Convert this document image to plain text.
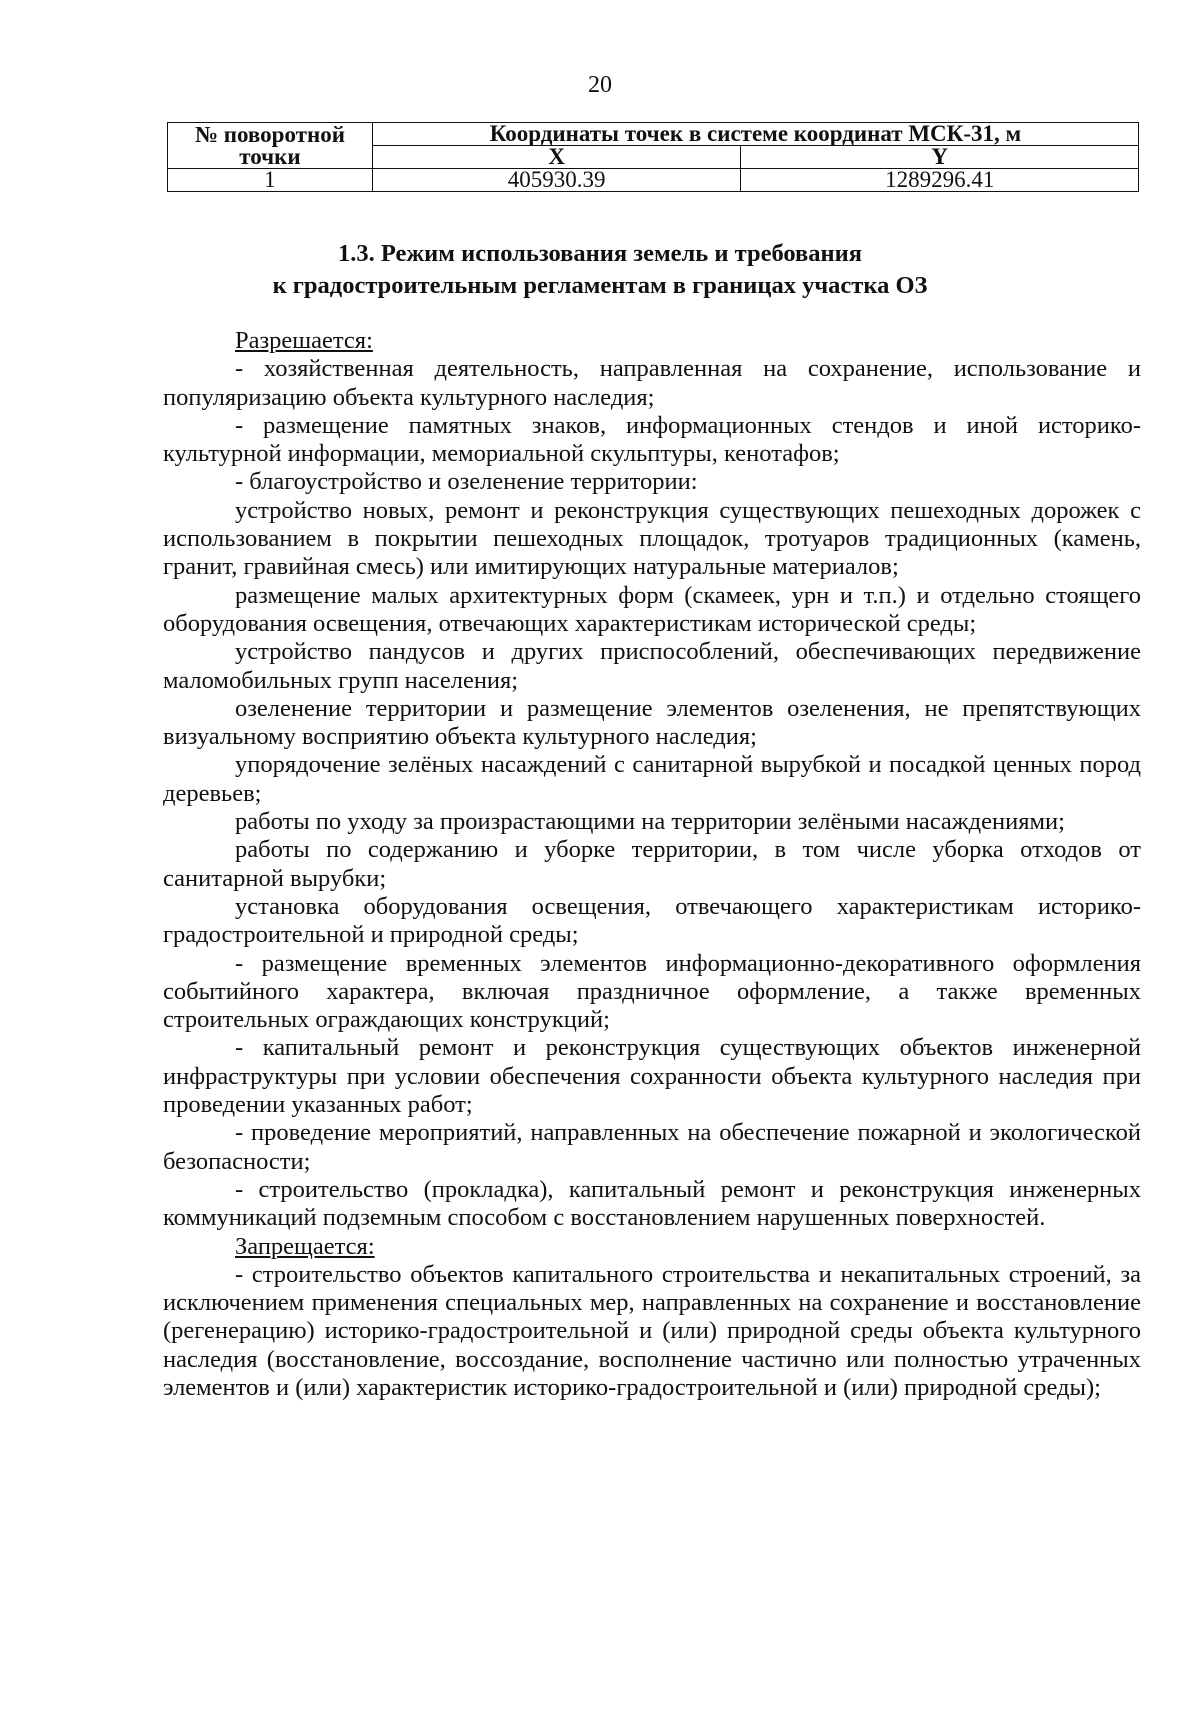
20
№ поворотной точки	Координаты точек в системе координат МСК-31, м	
	X	Y
1	405930.39	1289296.41
1.3. Режим использования земель и требования
к градостроительным регламентам в границах участка ОЗ

Разрешается:

- хозяйственная деятельность, направленная на сохранение, использование и популяризацию объекта культурного наследия;

- размещение памятных знаков, информационных стендов и иной историко-культурной информации, мемориальной скульптуры, кенотафов;

- благоустройство и озеленение территории:

устройство новых, ремонт и реконструкция существующих пешеходных дорожек с использованием в покрытии пешеходных площадок, тротуаров традиционных (камень, гранит, гравийная смесь) или имитирующих натуральные материалов;

размещение малых архитектурных форм (скамеек, урн и т.п.) и отдельно стоящего оборудования освещения, отвечающих характеристикам исторической среды;

устройство пандусов и других приспособлений, обеспечивающих передвижение маломобильных групп населения;

озеленение территории и размещение элементов озеленения, не препятствующих визуальному восприятию объекта культурного наследия;

упорядочение зелёных насаждений с санитарной вырубкой и посадкой ценных пород деревьев;

работы по уходу за произрастающими на территории зелёными насаждениями;

работы по содержанию и уборке территории, в том числе уборка отходов от санитарной вырубки;

установка оборудования освещения, отвечающего характеристикам историко-градостроительной и природной среды;

- размещение временных элементов информационно-декоративного оформления событийного характера, включая праздничное оформление, а также временных строительных ограждающих конструкций;

- капитальный ремонт и реконструкция существующих объектов инженерной инфраструктуры при условии обеспечения сохранности объекта культурного наследия при проведении указанных работ;

- проведение мероприятий, направленных на обеспечение пожарной и экологической безопасности;

- строительство (прокладка), капитальный ремонт и реконструкция инженерных коммуникаций подземным способом с восстановлением нарушенных поверхностей.

Запрещается:

- строительство объектов капитального строительства и некапитальных строений, за исключением применения специальных мер, направленных на сохранение и восстановление (регенерацию) историко-градостроительной и (или) природной среды объекта культурного наследия (восстановление, воссоздание, восполнение частично или полностью утраченных элементов и (или) характеристик историко-градостроительной и (или) природной среды);
